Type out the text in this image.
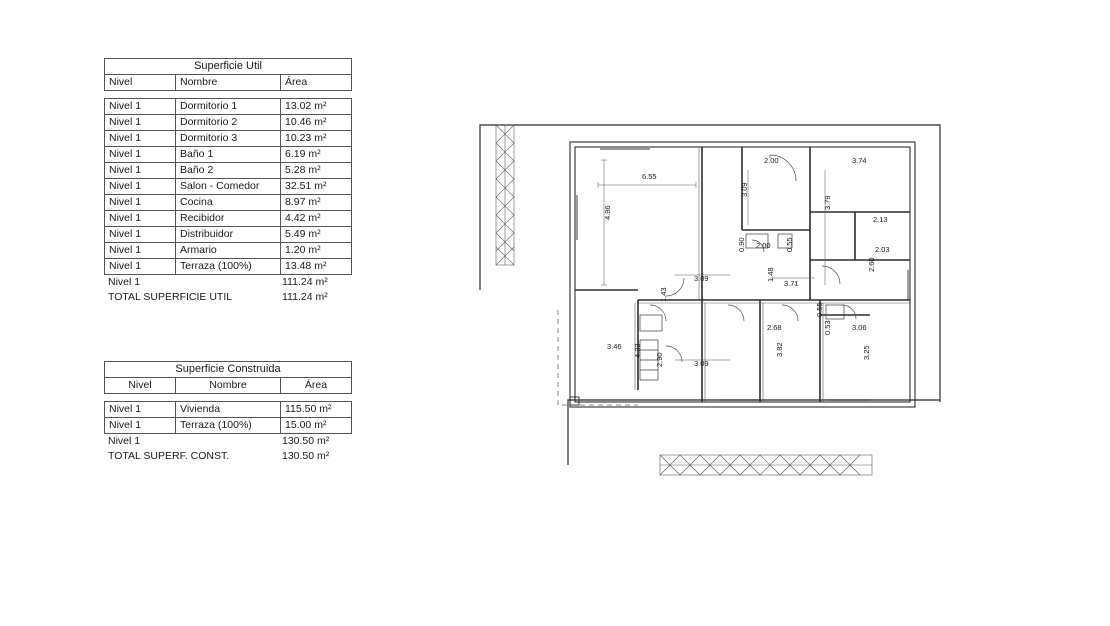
Superficie Util
Nivel	Nombre	Área
Nivel 1	Dormitorio 1	13.02 m²
Nivel 1	Dormitorio 2	10.46 m²
Nivel 1	Dormitorio 3	10.23 m²
Nivel 1	Baño 1	6.19 m²
Nivel 1	Baño 2	5.28 m²
Nivel 1	Salon - Comedor	32.51 m²
Nivel 1	Cocina	8.97 m²
Nivel 1	Recibidor	4.42 m²
Nivel 1	Distribuidor	5.49 m²
Nivel 1	Armario	1.20 m²
Nivel 1	Terraza (100%)	13.48 m²
Nivel 1		111.24 m²
TOTAL SUPERFICIE UTIL		111.24 m²
Superficie Construida
Nivel	Nombre	Área
Nivel 1	Vivienda	115.50 m²
Nivel 1	Terraza (100%)	15.00 m²
Nivel 1		130.50 m²
TOTAL SUPERF. CONST.		130.50 m²
6.55
4.96
2.00	3.74
3.09
3.79
2.13
2.00
0.90	0.55	2.03
2.60
3.09	1.48
3.71
1.43
0.55
2.68	0.53	3.06
3.46 4.33	3.82	3.25
2.90	3.09
